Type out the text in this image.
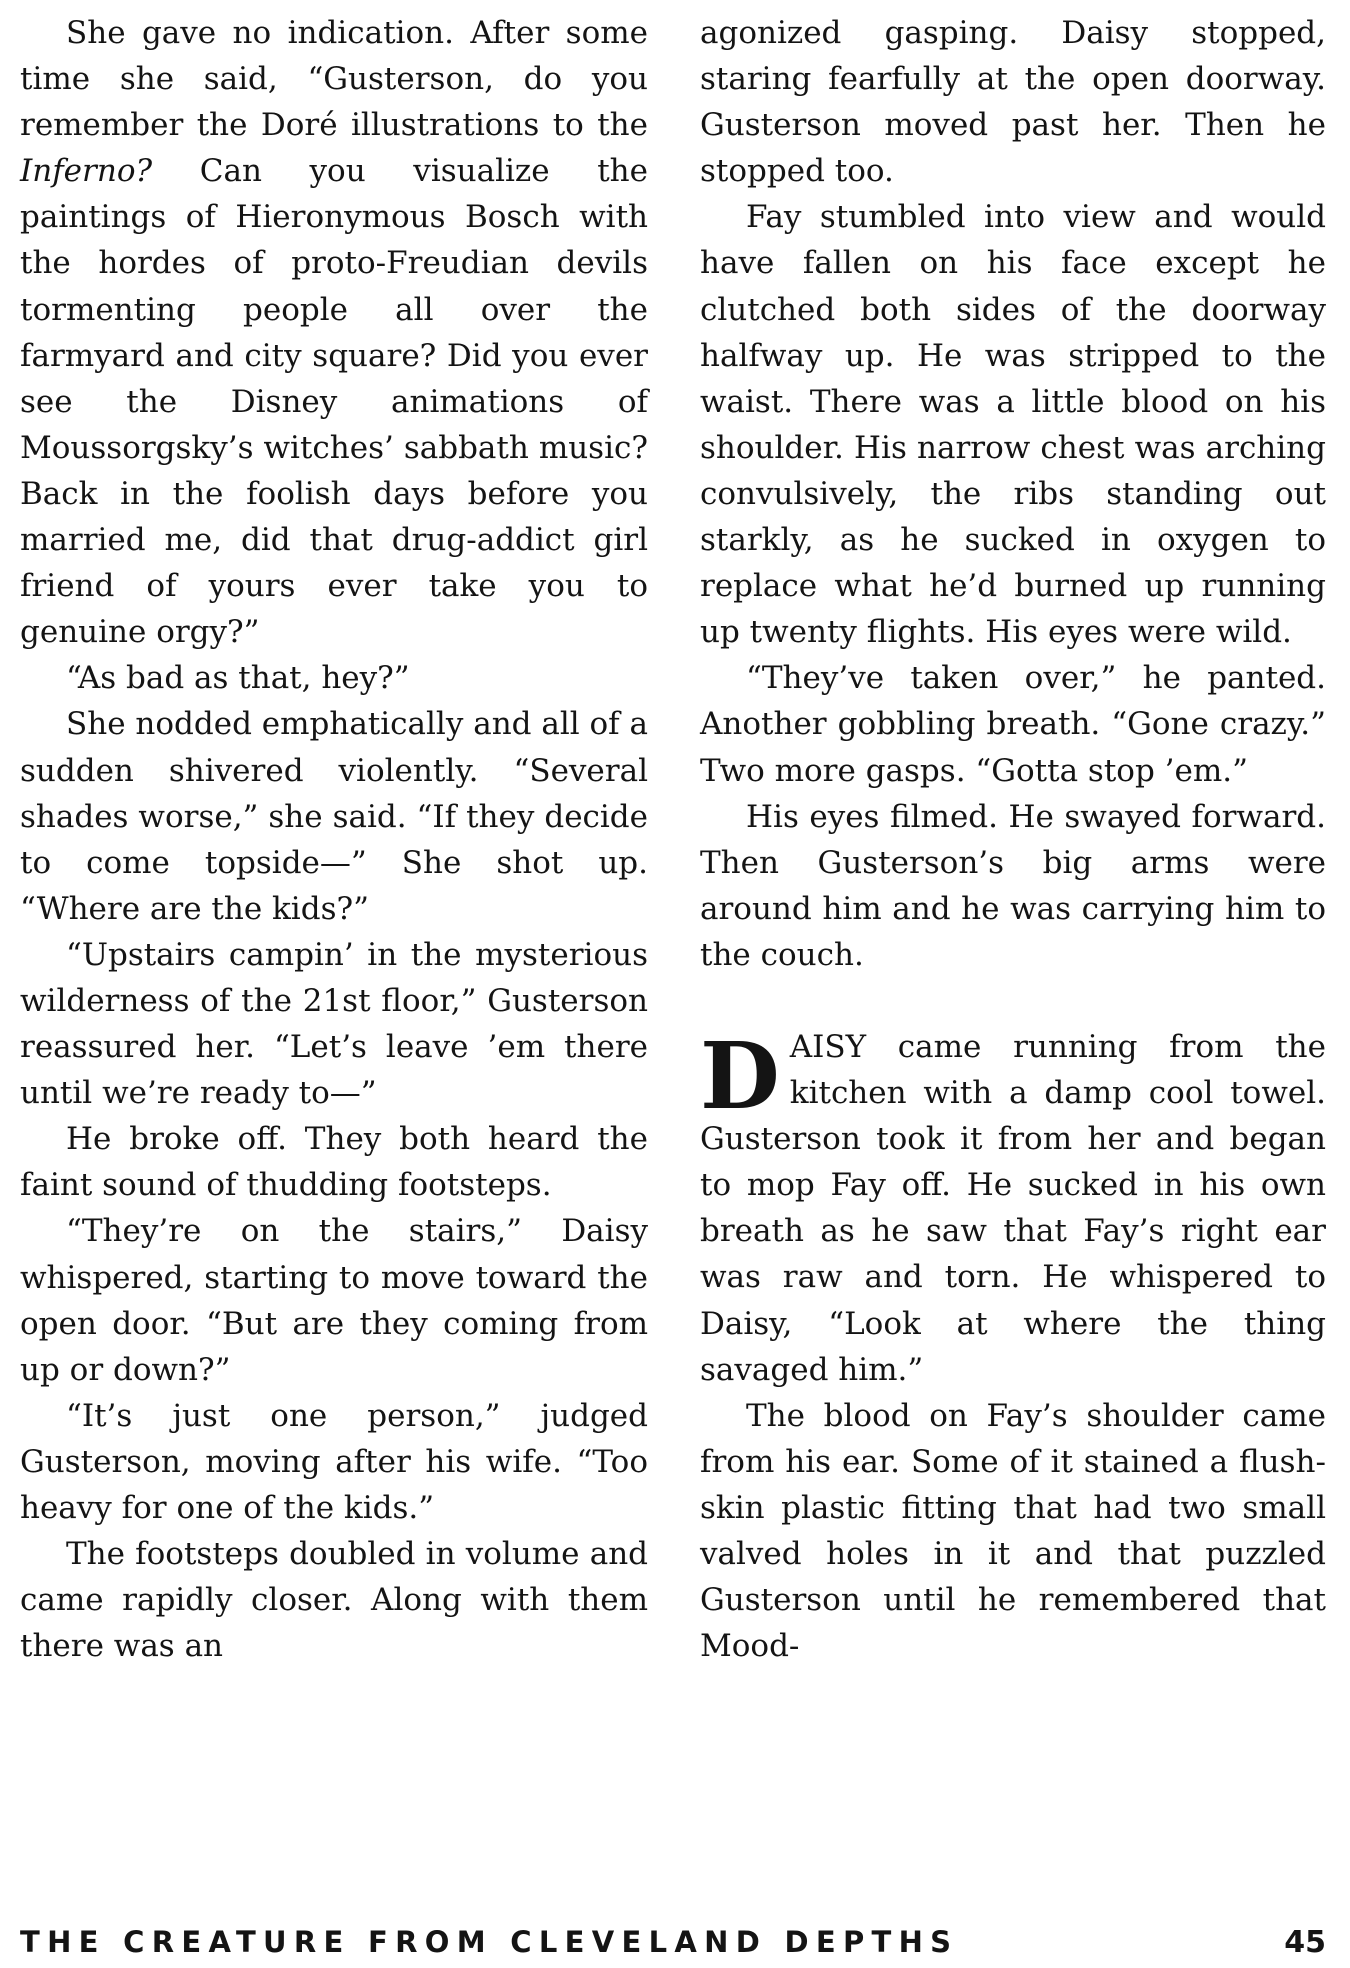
She gave no indication. After some time she said, “Gusterson, do you remember the Doré illustrations to the Inferno? Can you visualize the paintings of Hieronymous Bosch with the hordes of proto-Freudian devils tormenting people all over the farmyard and city square? Did you ever see the Disney animations of Moussorgsky’s witches’ sabbath music? Back in the foolish days before you married me, did that drug-addict girl friend of yours ever take you to genuine orgy?”

“As bad as that, hey?”

She nodded emphatically and all of a sudden shivered violently. “Several shades worse,” she said. “If they decide to come topside—” She shot up. “Where are the kids?”

“Upstairs campin’ in the mysterious wilderness of the 21st floor,” Gusterson reassured her. “Let’s leave ’em there until we’re ready to—”

He broke off. They both heard the faint sound of thudding footsteps.

“They’re on the stairs,” Daisy whispered, starting to move toward the open door. “But are they coming from up or down?”

“It’s just one person,” judged Gusterson, moving after his wife. “Too heavy for one of the kids.”

The footsteps doubled in volume and came rapidly closer. Along with them there was an

agonized gasping. Daisy stopped, staring fearfully at the open doorway. Gusterson moved past her. Then he stopped too.

Fay stumbled into view and would have fallen on his face except he clutched both sides of the doorway halfway up. He was stripped to the waist. There was a little blood on his shoulder. His narrow chest was arching convulsively, the ribs standing out starkly, as he sucked in oxygen to replace what he’d burned up running up twenty flights. His eyes were wild.

“They’ve taken over,” he panted. Another gobbling breath. “Gone crazy.” Two more gasps. “Gotta stop ’em.”

His eyes filmed. He swayed forward. Then Gusterson’s big arms were around him and he was carrying him to the couch.

DAISY came running from the kitchen with a damp cool towel. Gusterson took it from her and began to mop Fay off. He sucked in his own breath as he saw that Fay’s right ear was raw and torn. He whispered to Daisy, “Look at where the thing savaged him.”

The blood on Fay’s shoulder came from his ear. Some of it stained a flush-skin plastic fitting that had two small valved holes in it and that puzzled Gusterson until he remembered that Mood-

THE CREATURE FROM CLEVELAND DEPTHS	45
